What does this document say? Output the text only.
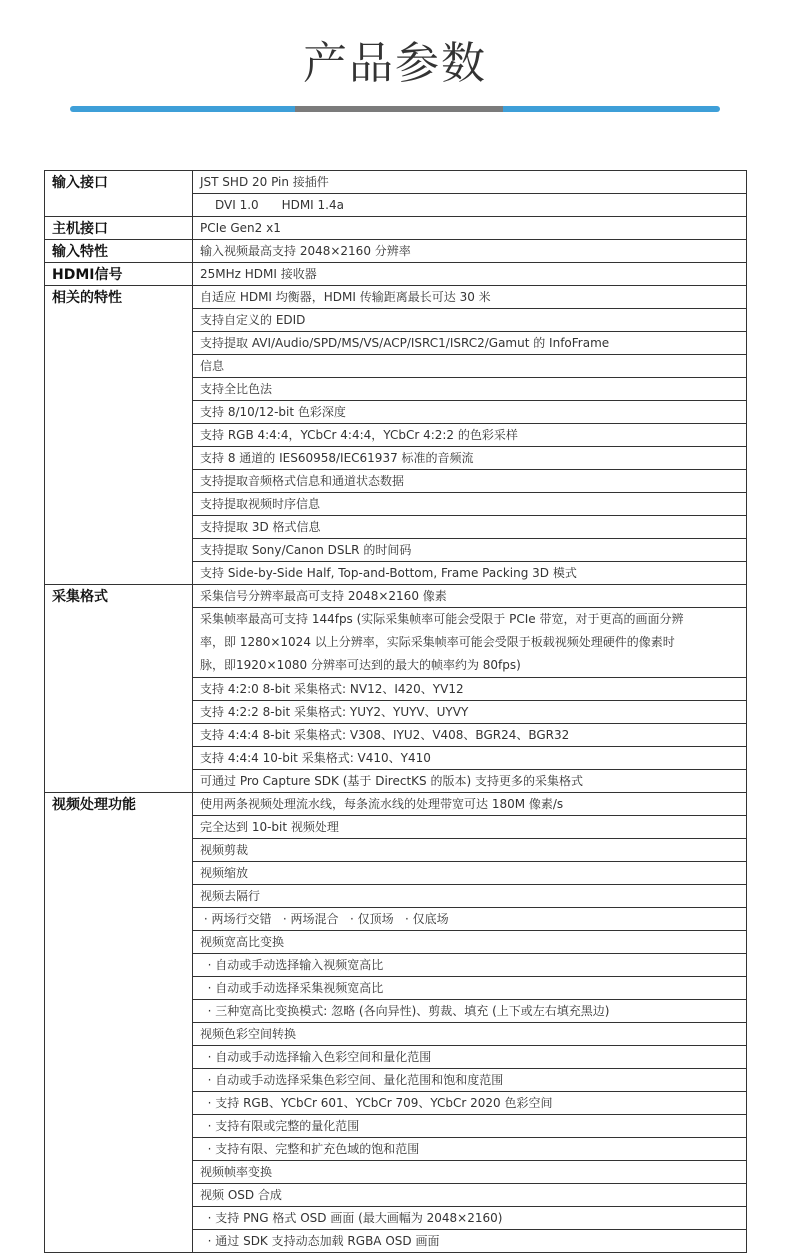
产品参数
输入接口	JST SHD 20 Pin 接插件
	DVI 1.0      HDMI 1.4a

主机接口	PCIe Gen2 x1

输入特性	输入视频最高支持 2048×2160 分辨率

HDMI信号	25MHz HDMI 接收器

相关的特性	自适应 HDMI 均衡器，HDMI 传输距离最长可达 30 米
	支持自定义的 EDID
	支持提取 AVI/Audio/SPD/MS/VS/ACP/ISRC1/ISRC2/Gamut 的 InfoFrame
	信息
	支持全比色法
	支持 8/10/12-bit 色彩深度
	支持 RGB 4:4:4，YCbCr 4:4:4，YCbCr 4:2:2 的色彩采样
	支持 8 通道的 IES60958/IEC61937 标准的音频流
	支持提取音频格式信息和通道状态数据
	支持提取视频时序信息
	支持提取 3D 格式信息
	支持提取 Sony/Canon DSLR 的时间码
	支持 Side-by-Side Half, Top-and-Bottom, Frame Packing 3D 模式

采集格式	采集信号分辨率最高可支持 2048×2160 像素

	采集帧率最高可支持 144fps (实际采集帧率可能会受限于 PCIe 带宽，对于更高的画面分辨
率，即 1280×1024 以上分辨率，实际采集帧率可能会受限于板载视频处理硬件的像素时
脉，即1920×1080 分辨率可达到的最大的帧率约为 80fps)

	支持 4:2:0 8-bit 采集格式: NV12、I420、YV12
	支持 4:2:2 8-bit 采集格式: YUY2、YUYV、UYVY
	支持 4:4:4 8-bit 采集格式: V308、IYU2、V408、BGR24、BGR32
	支持 4:4:4 10-bit 采集格式: V410、Y410
	可通过 Pro Capture SDK (基于 DirectKS 的版本) 支持更多的采集格式

视频处理功能	使用两条视频处理流水线，每条流水线的处理带宽可达 180M 像素/s
	完全达到 10-bit 视频处理
	视频剪裁
	视频缩放
	视频去隔行
	· 两场行交错   · 两场混合   · 仅顶场   · 仅底场
	视频宽高比变换
	· 自动或手动选择输入视频宽高比
	· 自动或手动选择采集视频宽高比
	· 三种宽高比变换模式: 忽略 (各向异性)、剪裁、填充 (上下或左右填充黑边)
	视频色彩空间转换
	· 自动或手动选择输入色彩空间和量化范围
	· 自动或手动选择采集色彩空间、量化范围和饱和度范围
	· 支持 RGB、YCbCr 601、YCbCr 709、YCbCr 2020 色彩空间
	· 支持有限或完整的量化范围
	· 支持有限、完整和扩充色域的饱和范围
	视频帧率变换
	视频 OSD 合成
	· 支持 PNG 格式 OSD 画面 (最大画幅为 2048×2160)
	· 通过 SDK 支持动态加载 RGBA OSD 画面
